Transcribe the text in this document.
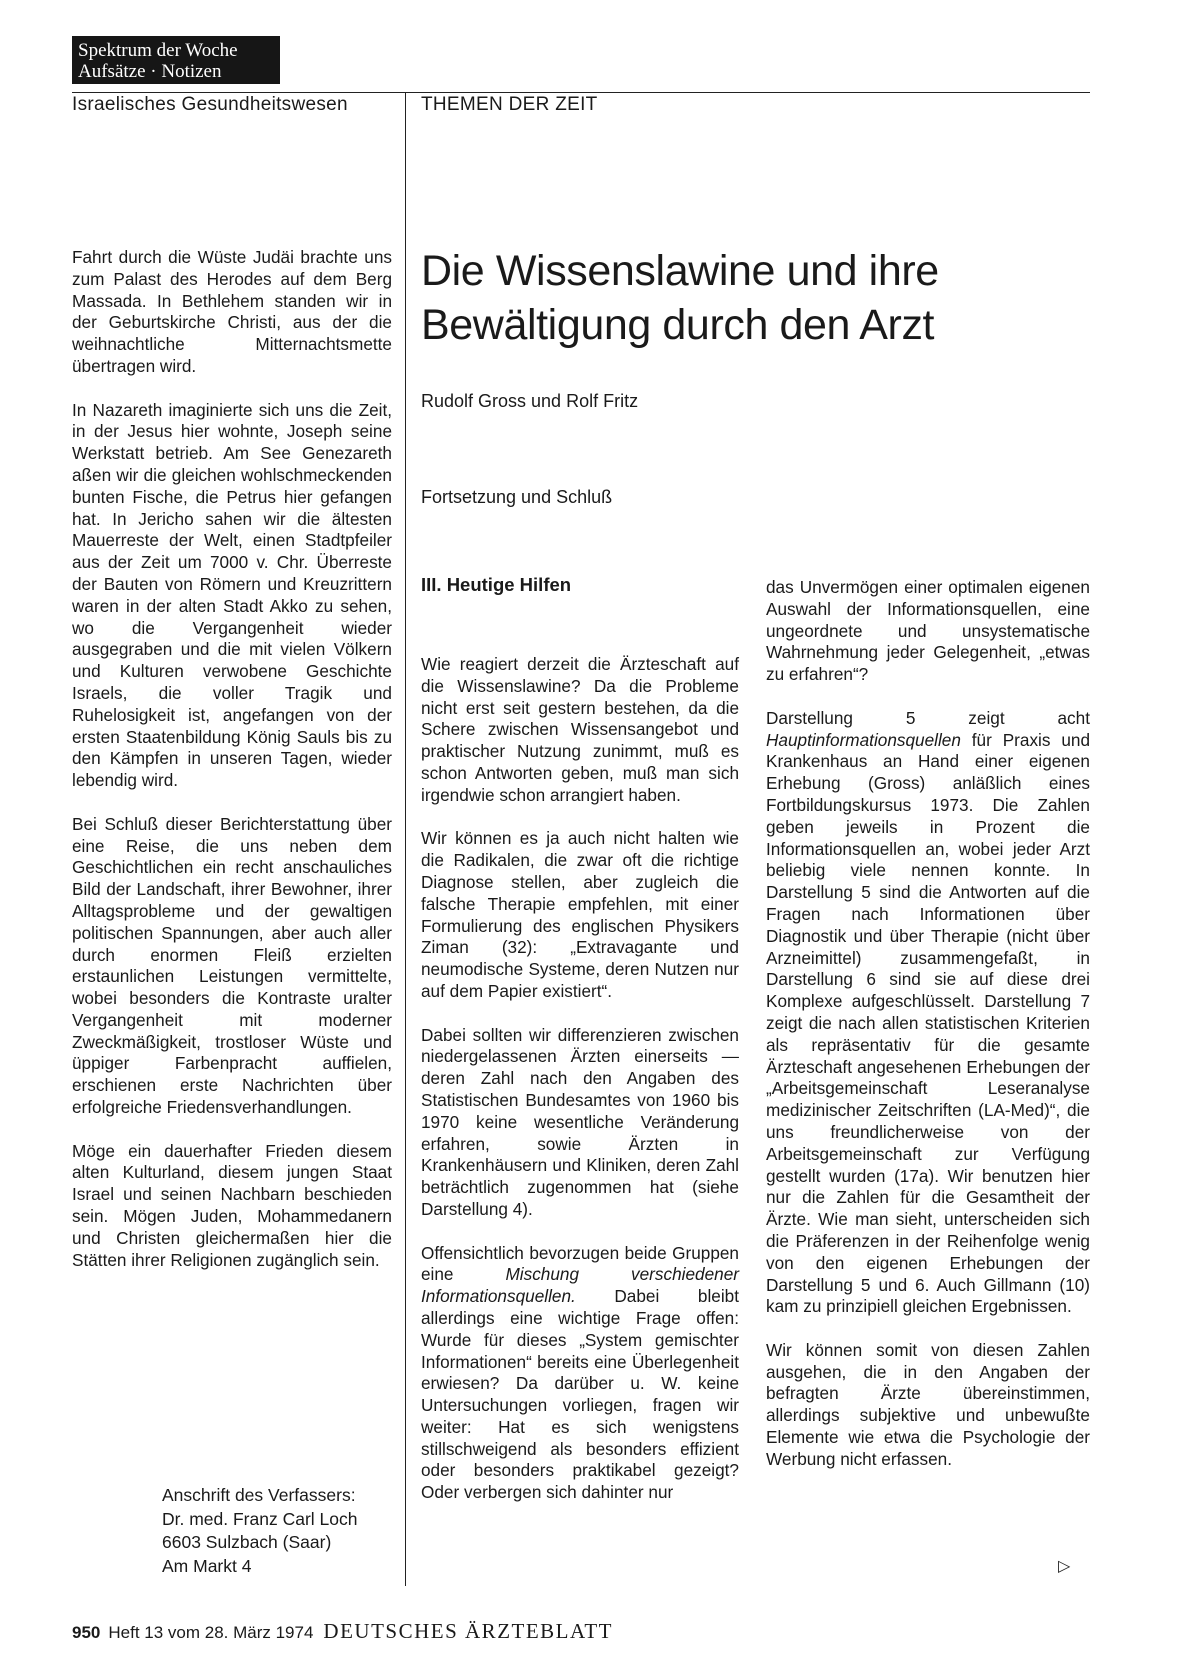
Spektrum der Woche
Aufsätze · Notizen
Israelisches Gesundheitswesen	THEMEN DER ZEIT

Fahrt durch die Wüste Judäi brachte uns zum Palast des Herodes auf dem Berg Massada. In Bethlehem standen wir in der Geburtskirche Christi, aus der die weihnachtliche Mitternachtsmette übertragen wird.

In Nazareth imaginierte sich uns die Zeit, in der Jesus hier wohnte, Joseph seine Werkstatt betrieb. Am See Genezareth aßen wir die gleichen wohlschmeckenden bunten Fische, die Petrus hier gefangen hat. In Jericho sahen wir die ältesten Mauerreste der Welt, einen Stadtpfeiler aus der Zeit um 7000 v. Chr. Überreste der Bauten von Römern und Kreuzrittern waren in der alten Stadt Akko zu sehen, wo die Vergangenheit wieder ausgegraben und die mit vielen Völkern und Kulturen verwobene Geschichte Israels, die voller Tragik und Ruhelosigkeit ist, angefangen von der ersten Staatenbildung König Sauls bis zu den Kämpfen in unseren Tagen, wieder lebendig wird.

Bei Schluß dieser Berichterstattung über eine Reise, die uns neben dem Geschichtlichen ein recht anschauliches Bild der Landschaft, ihrer Bewohner, ihrer Alltagsprobleme und der gewaltigen politischen Spannungen, aber auch aller durch enormen Fleiß erzielten erstaunlichen Leistungen vermittelte, wobei besonders die Kontraste uralter Vergangenheit mit moderner Zweckmäßigkeit, trostloser Wüste und üppiger Farbenpracht auffielen, erschienen erste Nachrichten über erfolgreiche Friedensverhandlungen.

Möge ein dauerhafter Frieden diesem alten Kulturland, diesem jungen Staat Israel und seinen Nachbarn beschieden sein. Mögen Juden, Mohammedanern und Christen gleichermaßen hier die Stätten ihrer Religionen zugänglich sein.

Anschrift des Verfassers:
Dr. med. Franz Carl Loch
6603 Sulzbach (Saar)
Am Markt 4
Die Wissenslawine und ihre Bewältigung durch den Arzt
Rudolf Gross und Rolf Fritz
Fortsetzung und Schluß
III. Heutige Hilfen

Wie reagiert derzeit die Ärzteschaft auf die Wissenslawine? Da die Probleme nicht erst seit gestern bestehen, da die Schere zwischen Wissensangebot und praktischer Nutzung zunimmt, muß es schon Antworten geben, muß man sich irgendwie schon arrangiert haben.

Wir können es ja auch nicht halten wie die Radikalen, die zwar oft die richtige Diagnose stellen, aber zugleich die falsche Therapie empfehlen, mit einer Formulierung des englischen Physikers Ziman (32): „Extravagante und neumodische Systeme, deren Nutzen nur auf dem Papier existiert“.

Dabei sollten wir differenzieren zwischen niedergelassenen Ärzten einerseits — deren Zahl nach den Angaben des Statistischen Bundesamtes von 1960 bis 1970 keine wesentliche Veränderung erfahren, sowie Ärzten in Krankenhäusern und Kliniken, deren Zahl beträchtlich zugenommen hat (siehe Darstellung 4).

Offensichtlich bevorzugen beide Gruppen eine Mischung verschiedener Informationsquellen. Dabei bleibt allerdings eine wichtige Frage offen: Wurde für dieses „System gemischter Informationen“ bereits eine Überlegenheit erwiesen? Da darüber u. W. keine Untersuchungen vorliegen, fragen wir weiter: Hat es sich wenigstens stillschweigend als besonders effizient oder besonders praktikabel gezeigt? Oder verbergen sich dahinter nur

das Unvermögen einer optimalen eigenen Auswahl der Informationsquellen, eine ungeordnete und unsystematische Wahrnehmung jeder Gelegenheit, „etwas zu erfahren“?

Darstellung 5 zeigt acht Hauptinformationsquellen für Praxis und Krankenhaus an Hand einer eigenen Erhebung (Gross) anläßlich eines Fortbildungskursus 1973. Die Zahlen geben jeweils in Prozent die Informationsquellen an, wobei jeder Arzt beliebig viele nennen konnte. In Darstellung 5 sind die Antworten auf die Fragen nach Informationen über Diagnostik und über Therapie (nicht über Arzneimittel) zusammengefaßt, in Darstellung 6 sind sie auf diese drei Komplexe aufgeschlüsselt. Darstellung 7 zeigt die nach allen statistischen Kriterien als repräsentativ für die gesamte Ärzteschaft angesehenen Erhebungen der „Arbeitsgemeinschaft Leseranalyse medizinischer Zeitschriften (LA-Med)“, die uns freundlicherweise von der Arbeitsgemeinschaft zur Verfügung gestellt wurden (17a). Wir benutzen hier nur die Zahlen für die Gesamtheit der Ärzte. Wie man sieht, unterscheiden sich die Präferenzen in der Reihenfolge wenig von den eigenen Erhebungen der Darstellung 5 und 6. Auch Gillmann (10) kam zu prinzipiell gleichen Ergebnissen.

Wir können somit von diesen Zahlen ausgehen, die in den Angaben der befragten Ärzte übereinstimmen, allerdings subjektive und unbewußte Elemente wie etwa die Psychologie der Werbung nicht erfassen.

▷
950 Heft 13 vom 28. März 1974 DEUTSCHES ÄRZTEBLATT
